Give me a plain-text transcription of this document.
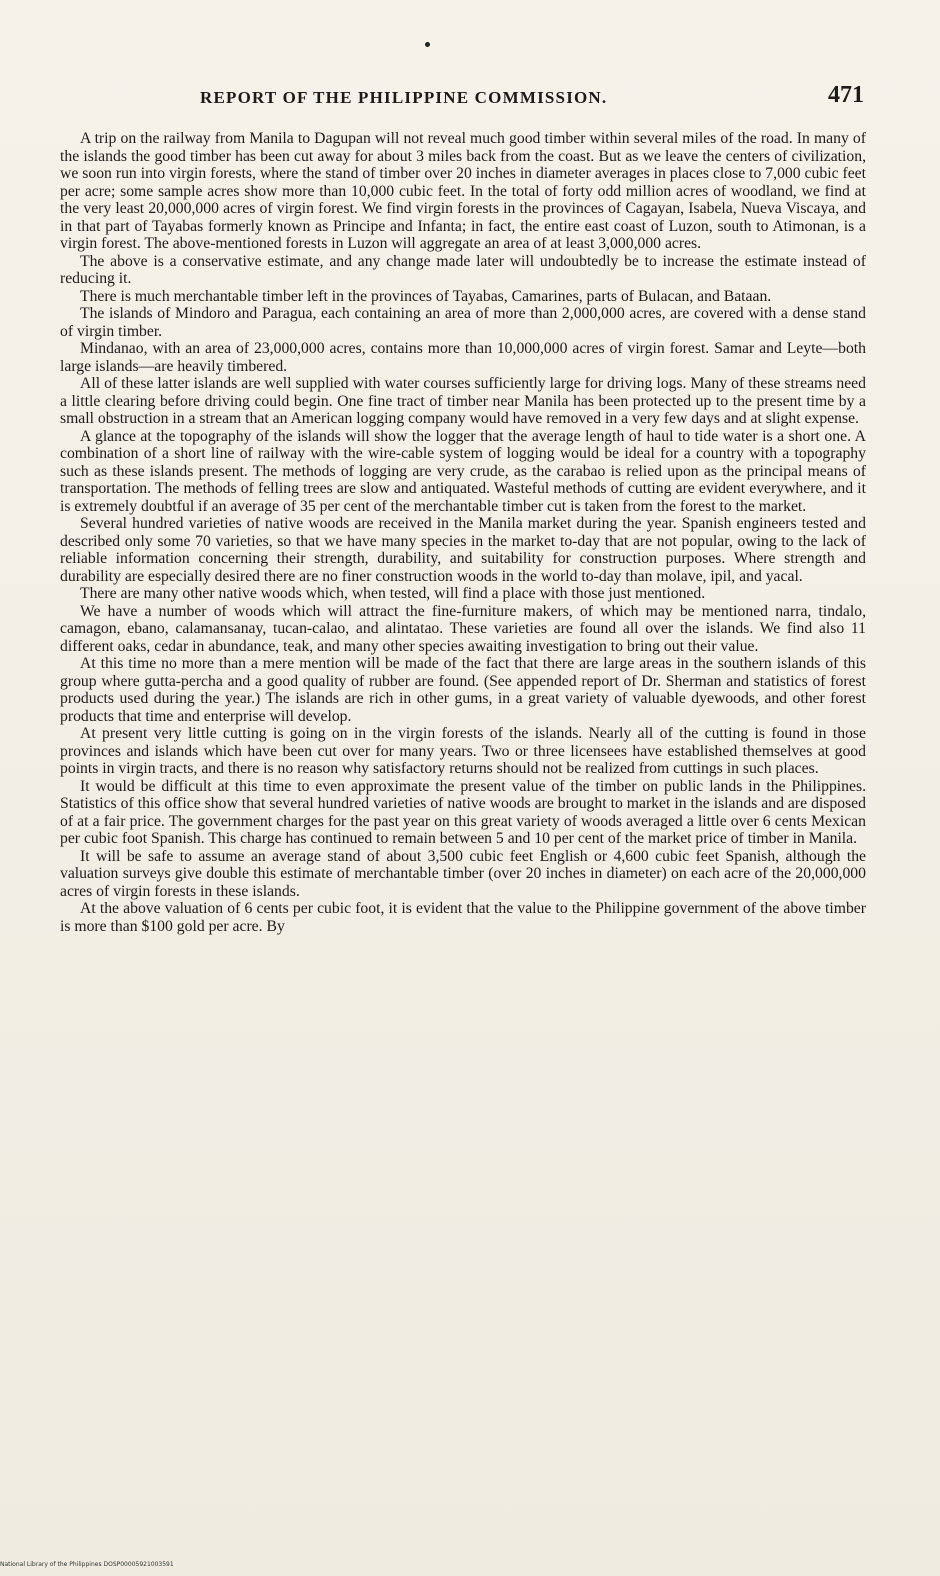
REPORT OF THE PHILIPPINE COMMISSION.	471

A trip on the railway from Manila to Dagupan will not reveal much good timber within several miles of the road. In many of the islands the good timber has been cut away for about 3 miles back from the coast. But as we leave the centers of civilization, we soon run into virgin forests, where the stand of timber over 20 inches in diameter averages in places close to 7,000 cubic feet per acre; some sample acres show more than 10,000 cubic feet. In the total of forty odd million acres of woodland, we find at the very least 20,000,000 acres of virgin forest. We find virgin forests in the provinces of Cagayan, Isabela, Nueva Viscaya, and in that part of Tayabas formerly known as Principe and Infanta; in fact, the entire east coast of Luzon, south to Atimonan, is a virgin forest. The above-mentioned forests in Luzon will aggregate an area of at least 3,000,000 acres.

The above is a conservative estimate, and any change made later will undoubtedly be to increase the estimate instead of reducing it.

There is much merchantable timber left in the provinces of Tayabas, Camarines, parts of Bulacan, and Bataan.

The islands of Mindoro and Paragua, each containing an area of more than 2,000,000 acres, are covered with a dense stand of virgin timber.

Mindanao, with an area of 23,000,000 acres, contains more than 10,000,000 acres of virgin forest. Samar and Leyte—both large islands—are heavily timbered.

All of these latter islands are well supplied with water courses sufficiently large for driving logs. Many of these streams need a little clearing before driving could begin. One fine tract of timber near Manila has been protected up to the present time by a small obstruction in a stream that an American logging company would have removed in a very few days and at slight expense.

A glance at the topography of the islands will show the logger that the average length of haul to tide water is a short one. A combination of a short line of railway with the wire-cable system of logging would be ideal for a country with a topography such as these islands present. The methods of logging are very crude, as the carabao is relied upon as the principal means of transportation. The methods of felling trees are slow and antiquated. Wasteful methods of cutting are evident everywhere, and it is extremely doubtful if an average of 35 per cent of the merchantable timber cut is taken from the forest to the market.

Several hundred varieties of native woods are received in the Manila market during the year. Spanish engineers tested and described only some 70 varieties, so that we have many species in the market to-day that are not popular, owing to the lack of reliable information concerning their strength, durability, and suitability for construction purposes. Where strength and durability are especially desired there are no finer construction woods in the world to-day than molave, ipil, and yacal.

There are many other native woods which, when tested, will find a place with those just mentioned.

We have a number of woods which will attract the fine-furniture makers, of which may be mentioned narra, tindalo, camagon, ebano, calamansanay, tucan-calao, and alintatao. These varieties are found all over the islands. We find also 11 different oaks, cedar in abundance, teak, and many other species awaiting investigation to bring out their value.

At this time no more than a mere mention will be made of the fact that there are large areas in the southern islands of this group where gutta-percha and a good quality of rubber are found. (See appended report of Dr. Sherman and statistics of forest products used during the year.) The islands are rich in other gums, in a great variety of valuable dyewoods, and other forest products that time and enterprise will develop.

At present very little cutting is going on in the virgin forests of the islands. Nearly all of the cutting is found in those provinces and islands which have been cut over for many years. Two or three licensees have established themselves at good points in virgin tracts, and there is no reason why satisfactory returns should not be realized from cuttings in such places.

It would be difficult at this time to even approximate the present value of the timber on public lands in the Philippines. Statistics of this office show that several hundred varieties of native woods are brought to market in the islands and are disposed of at a fair price. The government charges for the past year on this great variety of woods averaged a little over 6 cents Mexican per cubic foot Spanish. This charge has continued to remain between 5 and 10 per cent of the market price of timber in Manila.

It will be safe to assume an average stand of about 3,500 cubic feet English or 4,600 cubic feet Spanish, although the valuation surveys give double this estimate of merchantable timber (over 20 inches in diameter) on each acre of the 20,000,000 acres of virgin forests in these islands.

At the above valuation of 6 cents per cubic foot, it is evident that the value to the Philippine government of the above timber is more than $100 gold per acre. By

National Library of the Philippines DOSP00005921003591
